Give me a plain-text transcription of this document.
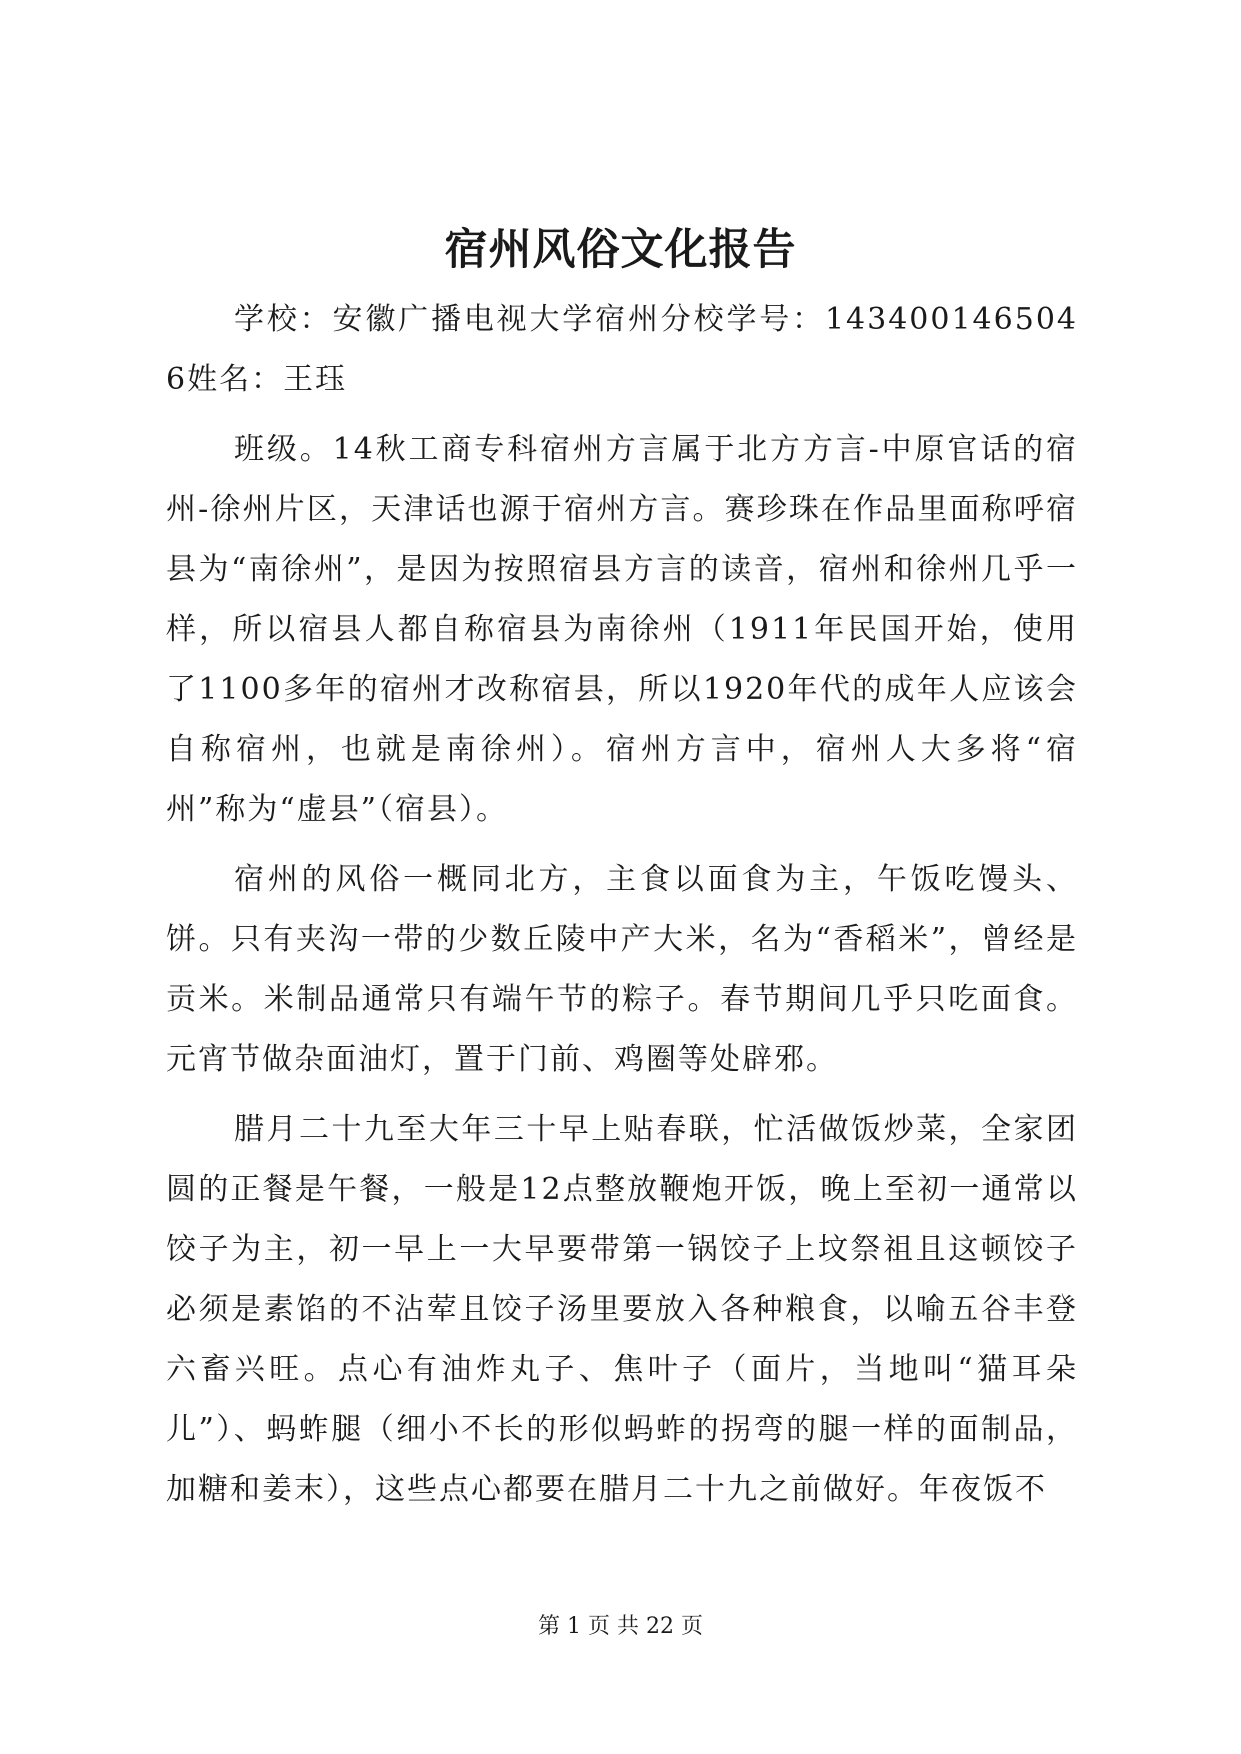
宿州风俗文化报告

学校：安徽广播电视大学宿州分校学号：1434001465046姓名：王珏

班级。14秋工商专科宿州方言属于北方方言-中原官话的宿州-徐州片区，天津话也源于宿州方言。赛珍珠在作品里面称呼宿县为“南徐州”，是因为按照宿县方言的读音，宿州和徐州几乎一样，所以宿县人都自称宿县为南徐州（1911年民国开始，使用了1100多年的宿州才改称宿县，所以1920年代的成年人应该会自称宿州，也就是南徐州）。宿州方言中，宿州人大多将“宿州”称为“虚县”（宿县）。

宿州的风俗一概同北方，主食以面食为主，午饭吃馒头、饼。只有夹沟一带的少数丘陵中产大米，名为“香稻米”，曾经是贡米。米制品通常只有端午节的粽子。春节期间几乎只吃面食。元宵节做杂面油灯，置于门前、鸡圈等处辟邪。

腊月二十九至大年三十早上贴春联，忙活做饭炒菜，全家团圆的正餐是午餐，一般是12点整放鞭炮开饭，晚上至初一通常以饺子为主，初一早上一大早要带第一锅饺子上坟祭祖且这顿饺子必须是素馅的不沾荤且饺子汤里要放入各种粮食，以喻五谷丰登六畜兴旺。点心有油炸丸子、焦叶子（面片，当地叫“猫耳朵儿”）、蚂蚱腿（细小不长的形似蚂蚱的拐弯的腿一样的面制品，加糖和姜末），这些点心都要在腊月二十九之前做好。年夜饭不

第 1 页 共 22 页
